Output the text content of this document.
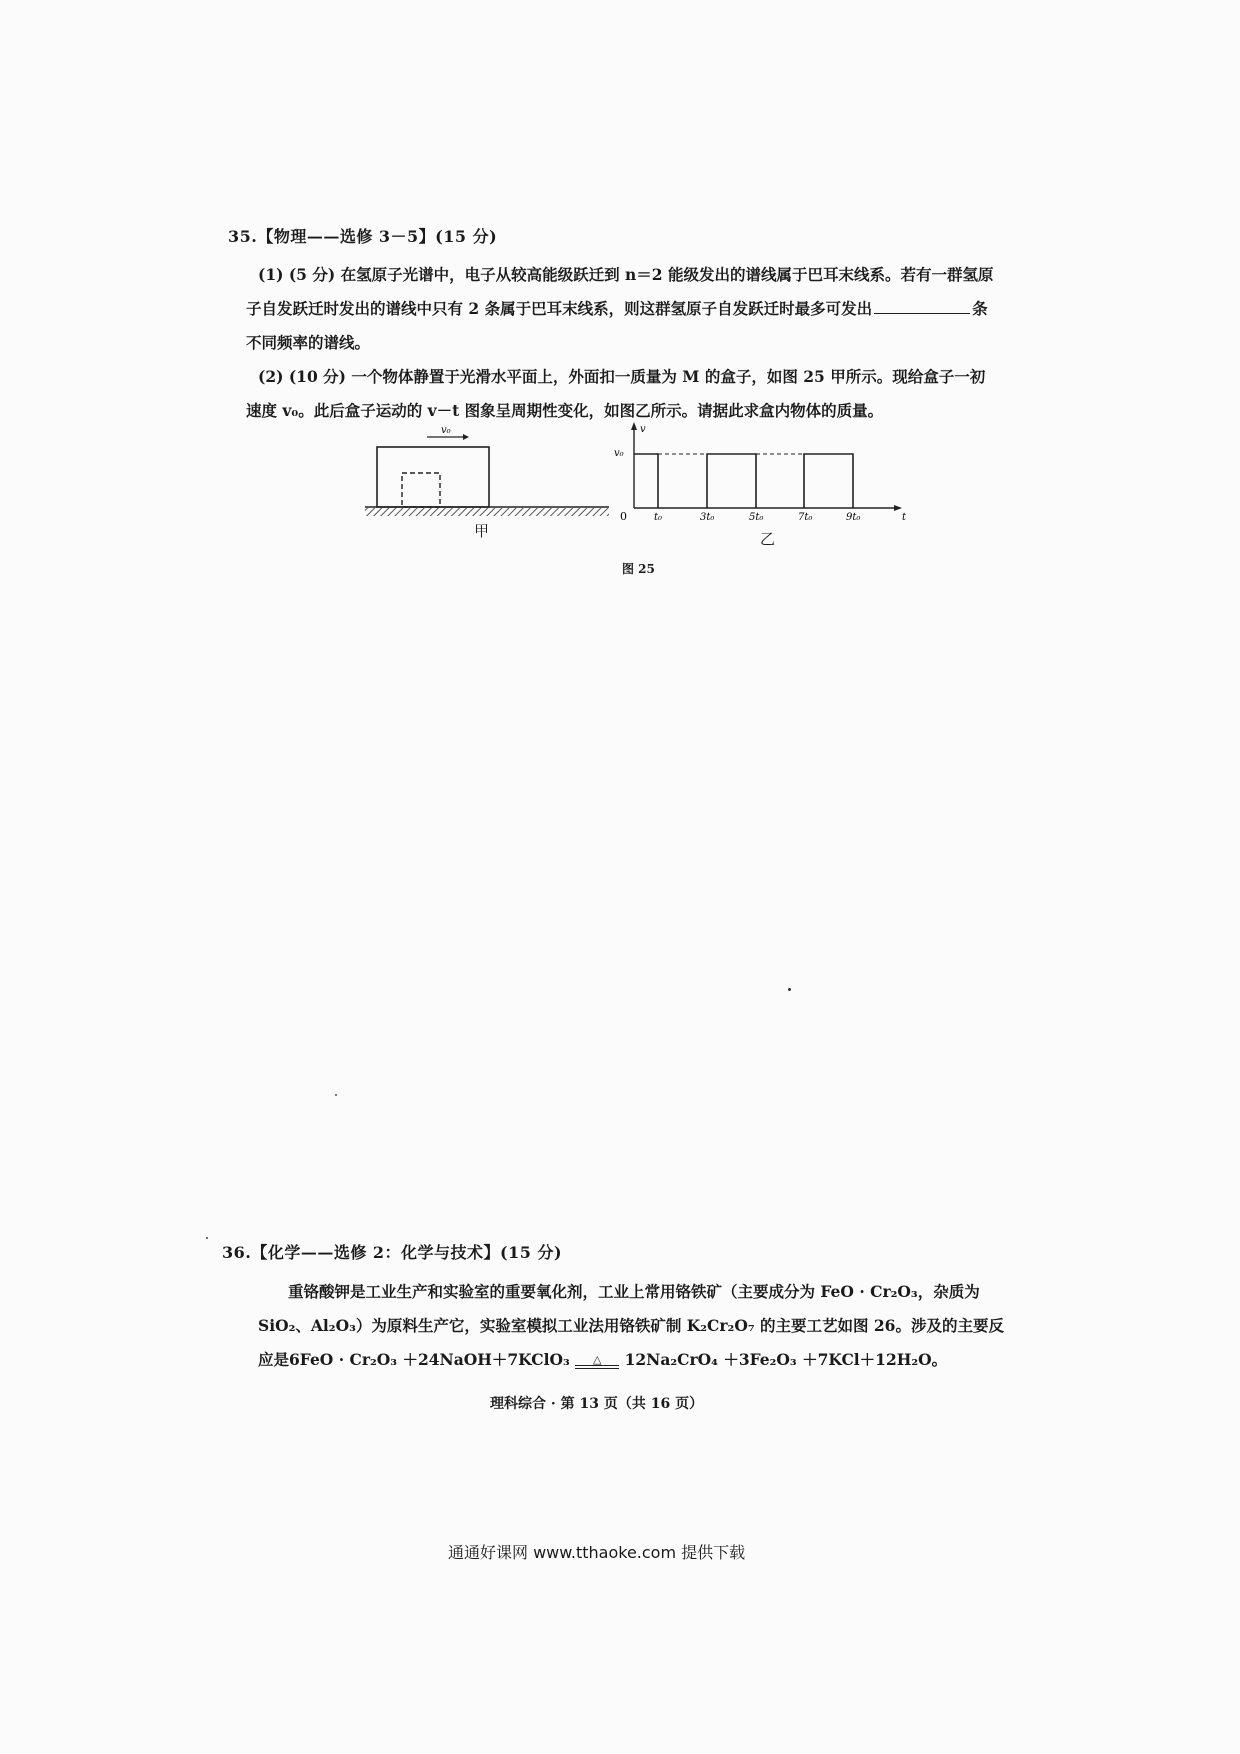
35.【物理——选修 3－5】(15 分)
(1) (5 分) 在氢原子光谱中，电子从较高能级跃迁到 n＝2 能级发出的谱线属于巴耳末线系。若有一群氢原
子自发跃迁时发出的谱线中只有 2 条属于巴耳末线系，则这群氢原子自发跃迁时最多可发出	条
不同频率的谱线。
(2) (10 分) 一个物体静置于光滑水平面上，外面扣一质量为 M 的盒子，如图 25 甲所示。现给盒子一初
速度 v₀。此后盒子运动的 v－t 图象呈周期性变化，如图乙所示。请据此求盒内物体的质量。
v₀
甲
v
v₀
0	t
t₀	3t₀	5t₀	7t₀	9t₀
乙
图 25
36.【化学——选修 2：化学与技术】(15 分)
重铬酸钾是工业生产和实验室的重要氧化剂，工业上常用铬铁矿（主要成分为 FeO · Cr₂O₃，杂质为
SiO₂、Al₂O₃）为原料生产它，实验室模拟工业法用铬铁矿制 K₂Cr₂O₇ 的主要工艺如图 26。涉及的主要反
应是6FeO · Cr₂O₃ ＋24NaOH＋7KClO₃	△	12Na₂CrO₄ ＋3Fe₂O₃ ＋7KCl＋12H₂O。
理科综合 · 第 13 页（共 16 页）
通通好课网 www.tthaoke.com 提供下载
